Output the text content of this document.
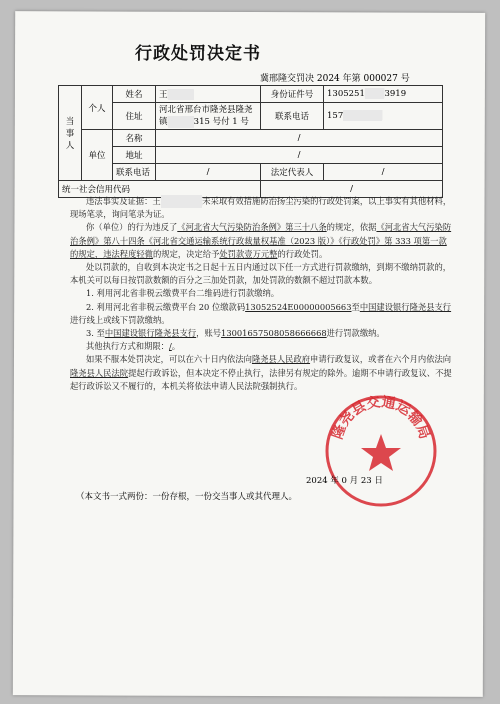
行政处罚决定书
冀邢隆交罚决 2024 年第 000027 号
当事人	个人	姓名	王████	身份证件号	1305251███3919
		住址	河北省邢台市隆尧县隆尧
镇████315 号付 1 号	联系电话	157██████

	单位	名称	/		
		地址	/		
		联系电话	/	法定代表人	/
统一社会信用代码				/	

违法事实及证据：王 ████未采取有效措施防治扬尘污染的行政处罚案，以上事实有其他材料，现场笔录，询问笔录为证。

你（单位）的行为违反了《河北省大气污染防治条例》第三十八条的规定，依据《河北省大气污染防治条例》第八十四条《河北省交通运输系统行政裁量权基准（2023 版）》《行政处罚》第 333 项第一款的规定，违法程度轻微的规定，决定给予处罚款壹万元整的行政处罚。

处以罚款的，自收到本决定书之日起十五日内通过以下任一方式进行罚款缴纳，到期不缴纳罚款的，本机关可以每日按罚款数额的百分之三加处罚款，加处罚款的数额不超过罚款本数。

1. 利用河北省非税云缴费平台二维码进行罚款缴纳。

2. 利用河北省非税云缴费平台 20 位缴款码13052524E00000005663至中国建设银行隆尧县支行进行线上或线下罚款缴纳。

3. 至中国建设银行隆尧县支行，账号13001657508058666668进行罚款缴纳。

其他执行方式和期限：/。

如果不服本处罚决定，可以在六十日内依法向隆尧县人民政府申请行政复议，或者在六个月内依法向隆尧县人民法院提起行政诉讼，但本决定不停止执行，法律另有规定的除外。逾期不申请行政复议、不提起行政诉讼又不履行的，本机关将依法申请人民法院强制执行。

隆尧县交通运输局
2024 年 0 月 23 日
（本文书一式两份：一份存根，一份交当事人或其代理人。
